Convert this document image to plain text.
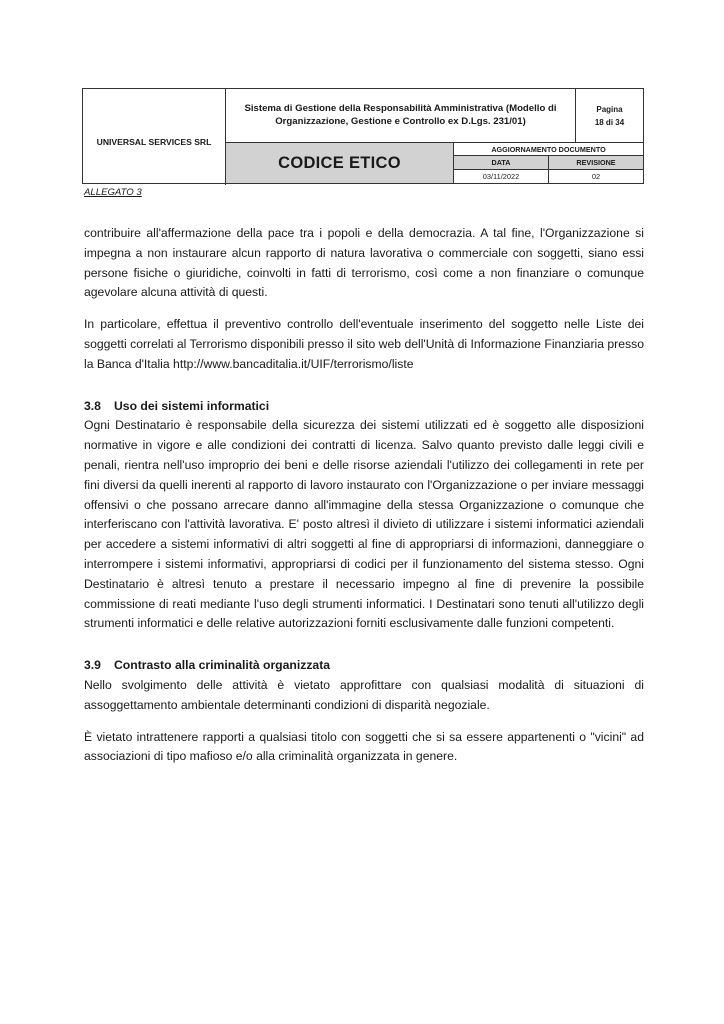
UNIVERSAL SERVICES SRL
Sistema di Gestione della Responsabilità Amministrativa (Modello di Organizzazione, Gestione e Controllo ex D.Lgs. 231/01)
Pagina
18 di 34
CODICE ETICO
AGGIORNAMENTO DOCUMENTO
DATA	REVISIONE
03/11/2022	02
ALLEGATO 3

contribuire all'affermazione della pace tra i popoli e della democrazia. A tal fine, l'Organizzazione si impegna a non instaurare alcun rapporto di natura lavorativa o commerciale con soggetti, siano essi persone fisiche o giuridiche, coinvolti in fatti di terrorismo, così come a non finanziare o comunque agevolare alcuna attività di questi.

In particolare, effettua il preventivo controllo dell'eventuale inserimento del soggetto nelle Liste dei soggetti correlati al Terrorismo disponibili presso il sito web dell'Unità di Informazione Finanziaria presso la Banca d'Italia http://www.bancaditalia.it/UIF/terrorismo/liste

3.8 Uso dei sistemi informatici

Ogni Destinatario è responsabile della sicurezza dei sistemi utilizzati ed è soggetto alle disposizioni normative in vigore e alle condizioni dei contratti di licenza. Salvo quanto previsto dalle leggi civili e penali, rientra nell'uso improprio dei beni e delle risorse aziendali l'utilizzo dei collegamenti in rete per fini diversi da quelli inerenti al rapporto di lavoro instaurato con l'Organizzazione o per inviare messaggi offensivi o che possano arrecare danno all'immagine della stessa Organizzazione o comunque che interferiscano con l'attività lavorativa. E' posto altresì il divieto di utilizzare i sistemi informatici aziendali per accedere a sistemi informativi di altri soggetti al fine di appropriarsi di informazioni, danneggiare o interrompere i sistemi informativi, appropriarsi di codici per il funzionamento del sistema stesso. Ogni Destinatario è altresì tenuto a prestare il necessario impegno al fine di prevenire la possibile commissione di reati mediante l'uso degli strumenti informatici. I Destinatari sono tenuti all'utilizzo degli strumenti informatici e delle relative autorizzazioni forniti esclusivamente dalle funzioni competenti.

3.9 Contrasto alla criminalità organizzata

Nello svolgimento delle attività è vietato approfittare con qualsiasi modalità di situazioni di assoggettamento ambientale determinanti condizioni di disparità negoziale.

È vietato intrattenere rapporti a qualsiasi titolo con soggetti che si sa essere appartenenti o "vicini" ad associazioni di tipo mafioso e/o alla criminalità organizzata in genere.
